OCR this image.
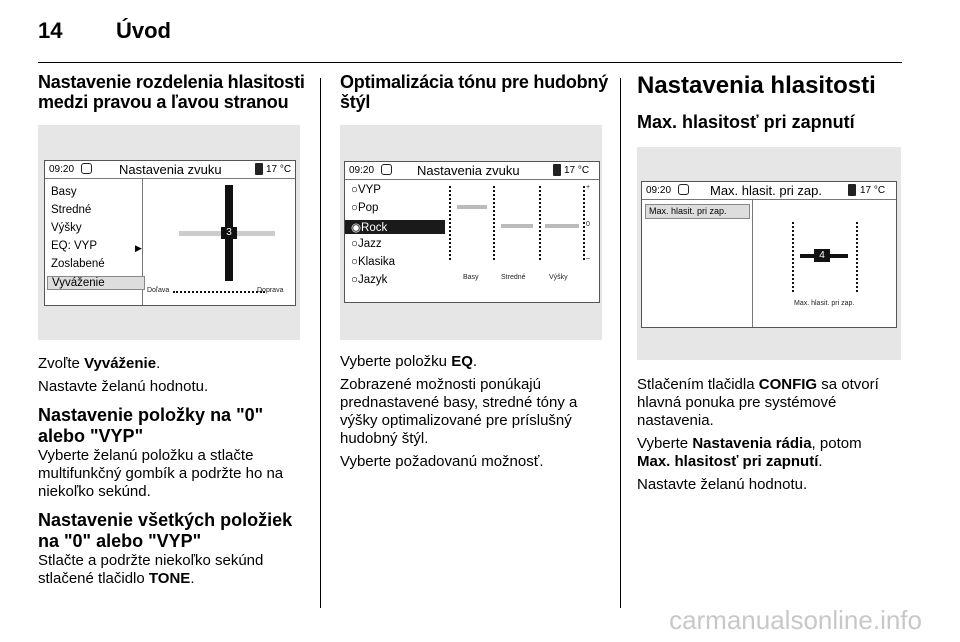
14 Úvod
Nastavenie rozdelenia hlasitosti medzi pravou a ľavou stranou
09:20	Nastavenia zvuku	17 °C
Basy
Stredné
Výšky
EQ: VYP	▶
Zoslabené
Vyváženie
3
Doľava	Doprava

Zvoľte Vyváženie.

Nastavte želanú hodnotu.

Nastavenie položky na "0" alebo "VYP"

Vyberte želanú položku a stlačte multifunkčný gombík a podržte ho na niekoľko sekúnd.

Nastavenie všetkých položiek na "0" alebo "VYP"

Stlačte a podržte niekoľko sekúnd stlačené tlačidlo TONE.

Optimalizácia tónu pre hudobný štýl
09:20	Nastavenia zvuku	17 °C
○VYP
○Pop
◉Rock
○Jazz
○Klasika
○Jazyk
+
0
–
Basy	Stredné	Výšky

Vyberte položku EQ.

Zobrazené možnosti ponúkajú prednastavené basy, stredné tóny a výšky optimalizované pre príslušný hudobný štýl.

Vyberte požadovanú možnosť.

Nastavenia hlasitosti
Max. hlasitosť pri zapnutí
09:20	Max. hlasit. pri zap.	17 °C
Max. hlasit. pri zap.
4
Max. hlasit. pri zap.

Stlačením tlačidla CONFIG sa otvorí hlavná ponuka pre systémové nastavenia.

Vyberte Nastavenia rádia, potom
Max. hlasitosť pri zapnutí.

Nastavte želanú hodnotu.

carmanualsonline.info
